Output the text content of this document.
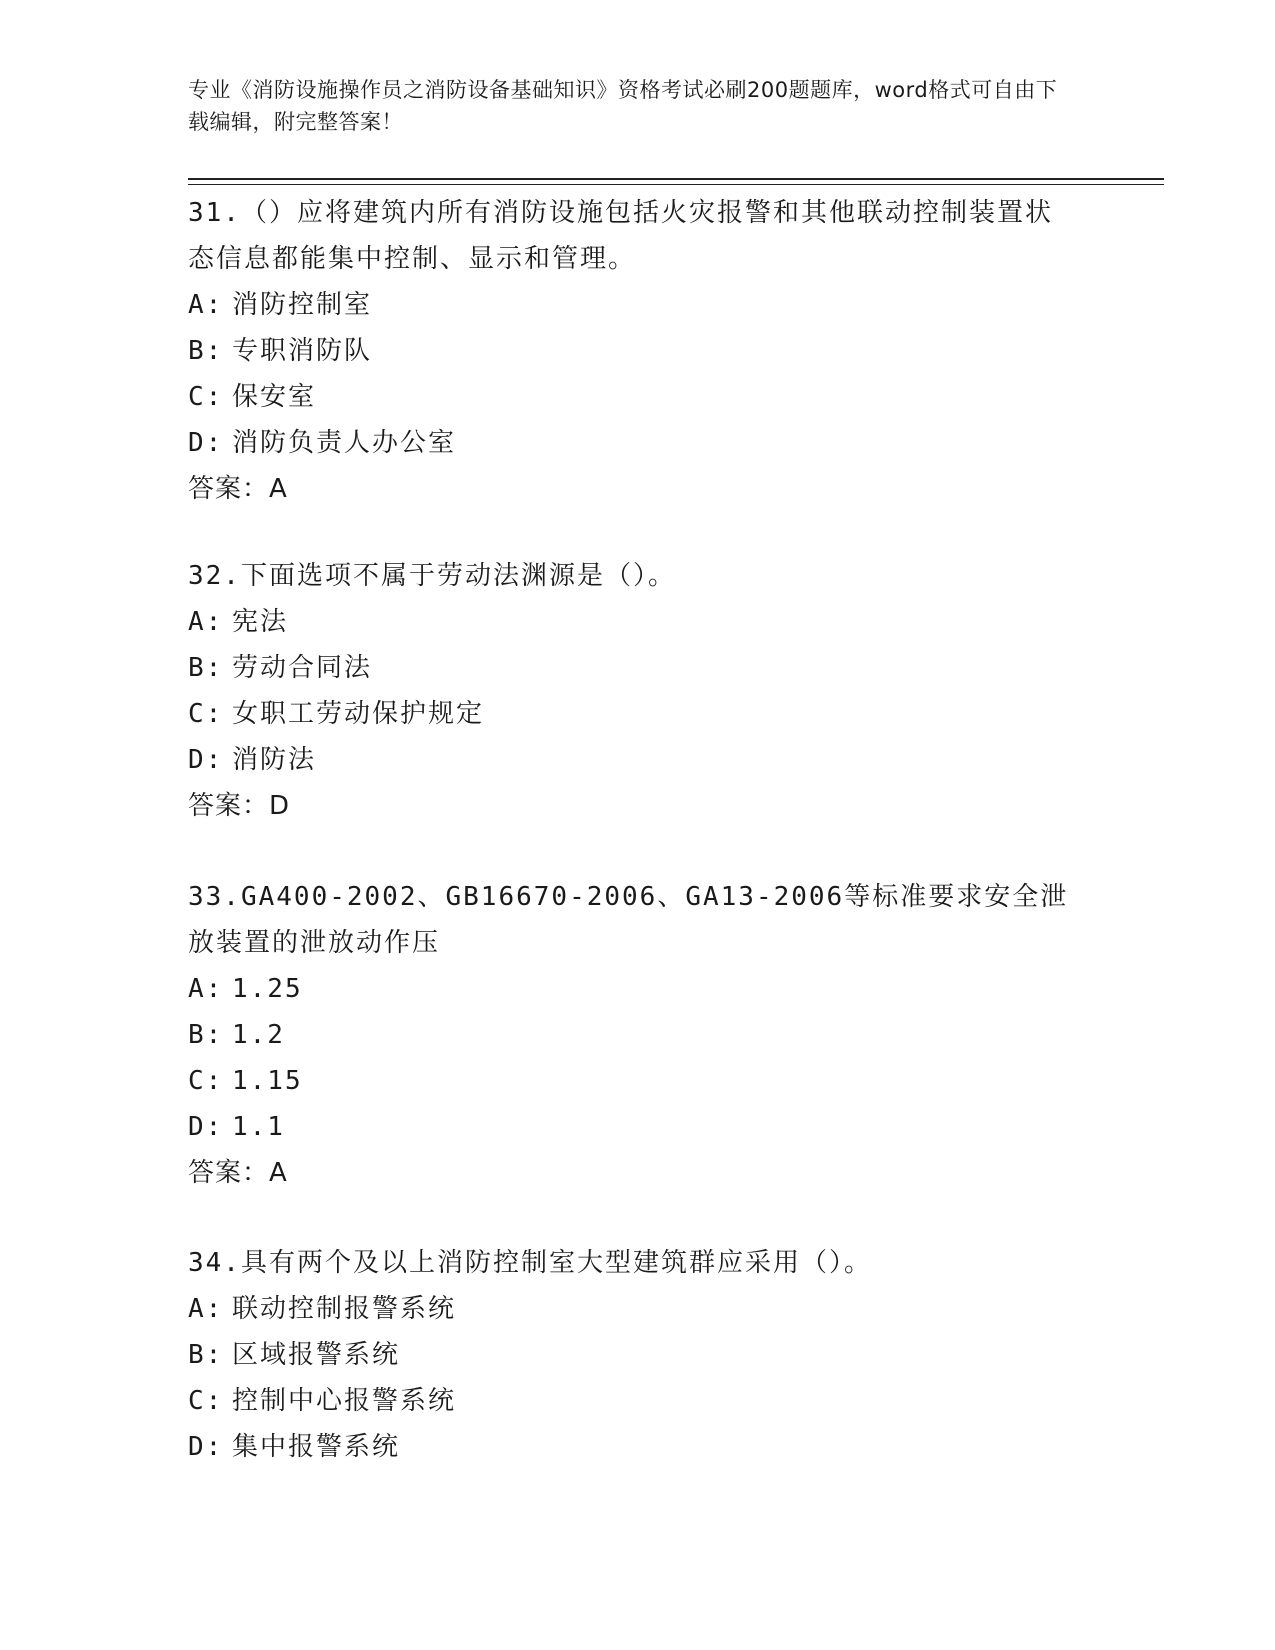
专业《消防设施操作员之消防设备基础知识》资格考试必刷200题题库，word格式可自由下载编辑，附完整答案！

31.（）应将建筑内所有消防设施包括火灾报警和其他联动控制装置状态信息都能集中控制、显示和管理。

A: 消防控制室
B: 专职消防队
C: 保安室
D: 消防负责人办公室
答案：A

32.下面选项不属于劳动法渊源是（）。

A: 宪法
B: 劳动合同法
C: 女职工劳动保护规定
D: 消防法
答案：D

33.GA400-2002、GB16670-2006、GA13-2006等标准要求安全泄放装置的泄放动作压

A: 1.25
B: 1.2
C: 1.15
D: 1.1
答案：A

34.具有两个及以上消防控制室大型建筑群应采用（）。

A: 联动控制报警系统
B: 区域报警系统
C: 控制中心报警系统
D: 集中报警系统
